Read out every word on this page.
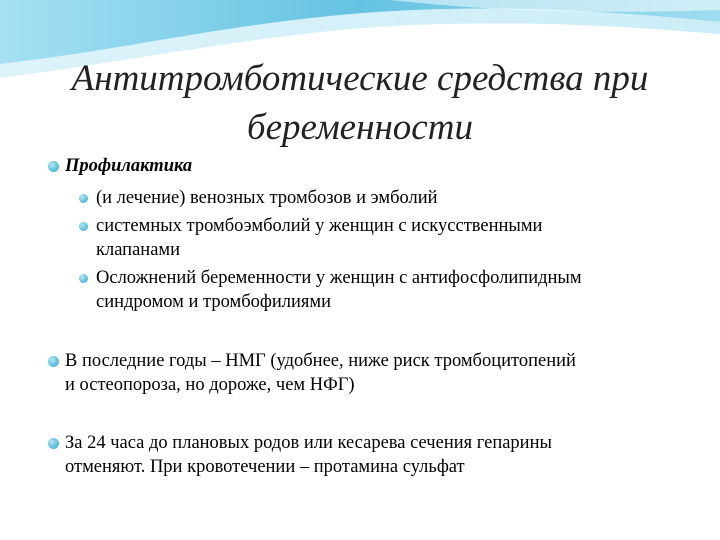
Антитромботические средства при
беременности
Профилактика
(и лечение) венозных тромбозов и эмболий
системных тромбоэмболий у женщин с искусственными
клапанами
Осложнений беременности у женщин с антифосфолипидным
синдромом и тромбофилиями
В последние годы – НМГ (удобнее, ниже риск тромбоцитопений
и остеопороза, но дороже, чем НФГ)
За 24 часа до плановых родов или кесарева сечения гепарины
отменяют. При кровотечении – протамина сульфат
